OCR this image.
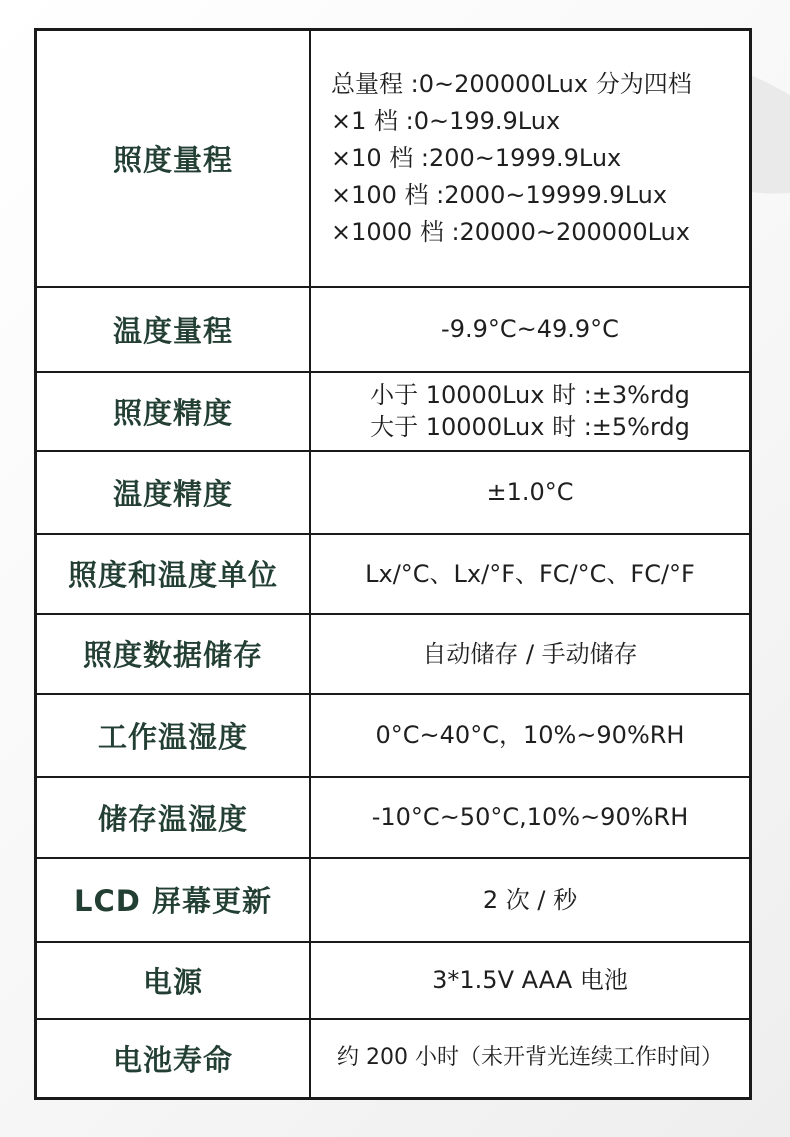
照度量程	总量程 :0~200000Lux 分为四档
×1 档 :0~199.9Lux
×10 档 :200~1999.9Lux
×100 档 :2000~19999.9Lux
×1000 档 :20000~200000Lux

温度量程	-9.9°C~49.9°C

照度精度	小于 10000Lux 时 :±3%rdg
大于 10000Lux 时 :±5%rdg

温度精度	±1.0°C

照度和温度单位	Lx/°C、Lx/°F、FC/°C、FC/°F

照度数据储存	自动储存 / 手动储存

工作温湿度	0°C~40°C，10%~90%RH

储存温湿度	-10°C~50°C,10%~90%RH

LCD 屏幕更新	2 次 / 秒

电源	3*1.5V AAA 电池

电池寿命	约 200 小时（未开背光连续工作时间）
